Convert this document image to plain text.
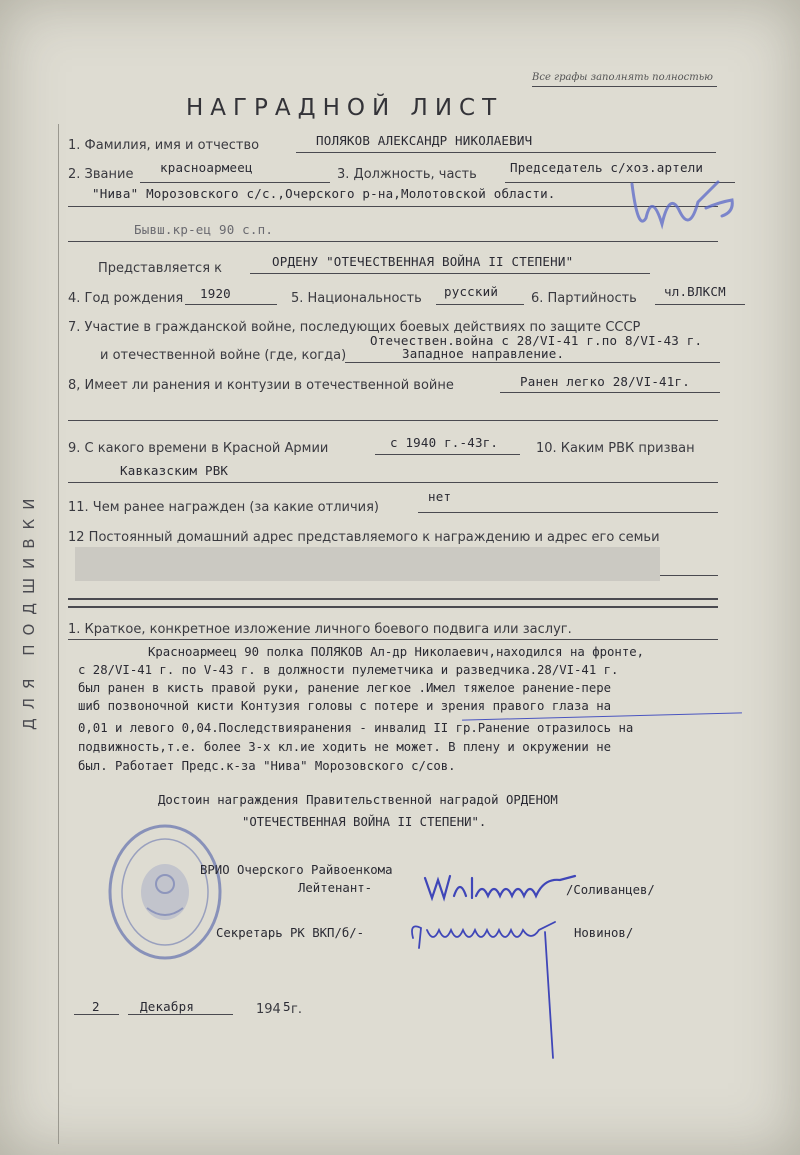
Все графы заполнять полностью
НАГРАДНОЙ ЛИСТ
ДЛЯ ПОДШИВКИ
1. Фамилия, имя и отчество	ПОЛЯКОВ АЛЕКСАНДР НИКОЛАЕВИЧ
2. Звание красноармеец	3. Должность, часть	Председатель с/хоз.артели
"Нива" Морозовского с/с.,Очерского р-на,Молотовской области.
Бывш.кр-ец 90 с.п.
Представляется к	ОРДЕНУ "ОТЕЧЕСТВЕННАЯ ВОЙНА II СТЕПЕНИ"
4. Год рождения 1920	5. Национальность русский	6. Партийность чл.ВЛКСМ
7. Участие в гражданской войне, последующих боевых действиях по защите СССР
и отечественной войне (где, когда)
Отечествен.война с 28/VI-41 г.по 8/VI-43 г.
Западное направление.
8, Имеет ли ранения и контузии в отечественной войне	Ранен легко 28/VI-41г.
9. С какого времени в Красной Армии	с 1940 г.-43г.	10. Каким РВК призван
Кавказским РВК
11. Чем ранее награжден (за какие отличия)
нет
12 Постоянный домашний адрес представляемого к награждению и адрес его семьи
1. Краткое, конкретное изложение личного боевого подвига или заслуг.
Красноармеец 90 полка ПОЛЯКОВ Ал-др Николаевич,находился на фронте,
с 28/VI-41 г. по V-43 г. в должности пулеметчика и разведчика.28/VI-41 г.
был ранен в кисть правой руки, ранение легкое .Имел тяжелое ранение-пере
шиб позвоночной кисти Контузия головы с потере и зрения правого глаза на
0,01 и левого 0,04.Последствияранения - инвалид II гр.Ранение отразилось на
подвижность,т.е. более 3-х кл.ие ходить не может. В плену и окружении не
был. Работает Предс.к-за "Нива" Морозовского с/сов.
Достоин награждения Правительственной наградой ОРДЕНОМ
"ОТЕЧЕСТВЕННАЯ ВОЙНА II СТЕПЕНИ".
ВРИО Очерского Райвоенкома
Лейтенант-	/Соливанцев/
Секретарь РК ВКП/б/-	Новинов/
2	Декабря	194 5 г.
